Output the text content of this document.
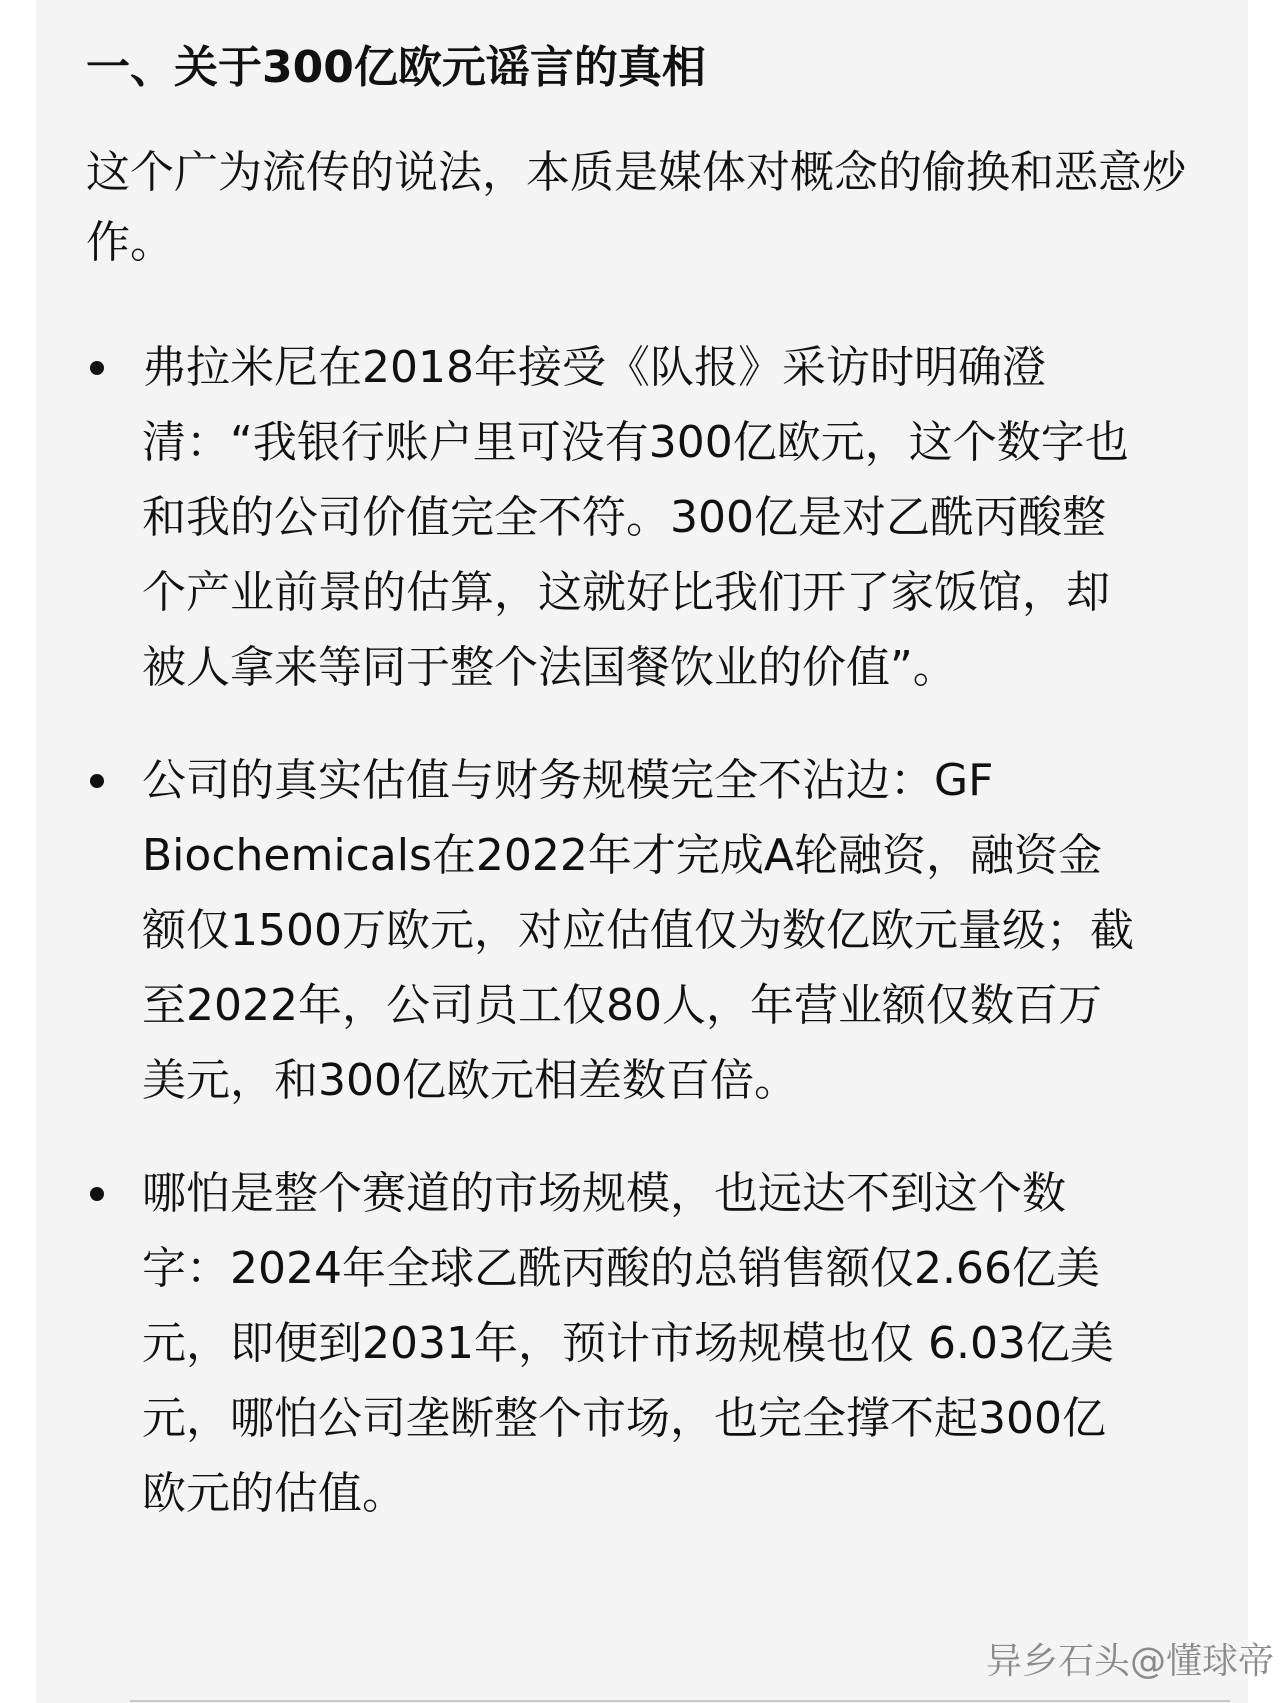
一、关于300亿欧元谣言的真相
这个广为流传的说法，本质是媒体对概念的偷换和恶意炒作。
弗拉米尼在2018年接受《队报》采访时明确澄清：“我银行账户里可没有300亿欧元，这个数字也和我的公司价值完全不符。300亿是对乙酰丙酸整个产业前景的估算，这就好比我们开了家饭馆，却被人拿来等同于整个法国餐饮业的价值”。
公司的真实估值与财务规模完全不沾边：GF Biochemicals在2022年才完成A轮融资，融资金额仅1500万欧元，对应估值仅为数亿欧元量级；截至2022年，公司员工仅80人，年营业额仅数百万美元，和300亿欧元相差数百倍。
哪怕是整个赛道的市场规模，也远达不到这个数字：2024年全球乙酰丙酸的总销售额仅2.66亿美元，即便到2031年，预计市场规模也仅 6.03亿美元，哪怕公司垄断整个市场，也完全撑不起300亿欧元的估值。
异乡石头@懂球帝
